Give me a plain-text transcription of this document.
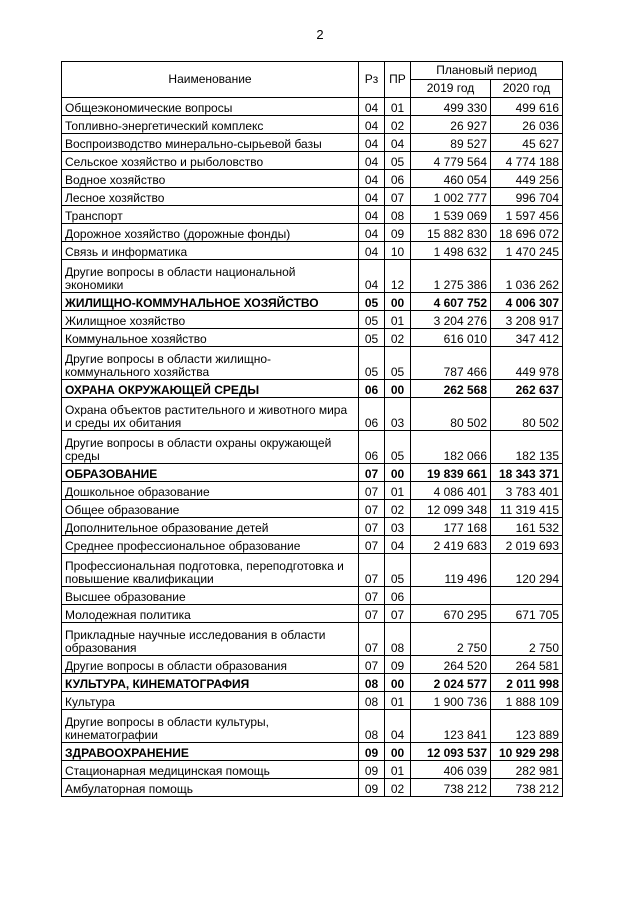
2
Наименование	Рз	ПР	Плановый период	
			2019 год	2020 год
Общеэкономические вопросы	04	01	499 330	499 616
Топливно-энергетический комплекс	04	02	26 927	26 036
Воспроизводство минерально-сырьевой базы	04	04	89 527	45 627
Сельское хозяйство и рыболовство	04	05	4 779 564	4 774 188
Водное хозяйство	04	06	460 054	449 256
Лесное хозяйство	04	07	1 002 777	996 704
Транспорт	04	08	1 539 069	1 597 456
Дорожное хозяйство (дорожные фонды)	04	09	15 882 830	18 696 072
Связь и информатика	04	10	1 498 632	1 470 245
Другие вопросы в области национальной экономики	04	12	1 275 386	1 036 262
ЖИЛИЩНО-КОММУНАЛЬНОЕ ХОЗЯЙСТВО	05	00	4 607 752	4 006 307
Жилищное хозяйство	05	01	3 204 276	3 208 917
Коммунальное хозяйство	05	02	616 010	347 412
Другие вопросы в области жилищно-коммунального хозяйства	05	05	787 466	449 978
ОХРАНА ОКРУЖАЮЩЕЙ СРЕДЫ	06	00	262 568	262 637
Охрана объектов растительного и животного мира и среды их обитания	06	03	80 502	80 502
Другие вопросы в области охраны окружающей среды	06	05	182 066	182 135
ОБРАЗОВАНИЕ	07	00	19 839 661	18 343 371
Дошкольное образование	07	01	4 086 401	3 783 401
Общее образование	07	02	12 099 348	11 319 415
Дополнительное образование детей	07	03	177 168	161 532
Среднее профессиональное образование	07	04	2 419 683	2 019 693
Профессиональная подготовка, переподготовка и повышение квалификации	07	05	119 496	120 294
Высшее образование	07	06		
Молодежная политика	07	07	670 295	671 705
Прикладные научные исследования в области образования	07	08	2 750	2 750
Другие вопросы в области образования	07	09	264 520	264 581
КУЛЬТУРА, КИНЕМАТОГРАФИЯ	08	00	2 024 577	2 011 998
Культура	08	01	1 900 736	1 888 109
Другие вопросы в области культуры, кинематографии	08	04	123 841	123 889
ЗДРАВООХРАНЕНИЕ	09	00	12 093 537	10 929 298
Стационарная медицинская помощь	09	01	406 039	282 981
Амбулаторная помощь	09	02	738 212	738 212
